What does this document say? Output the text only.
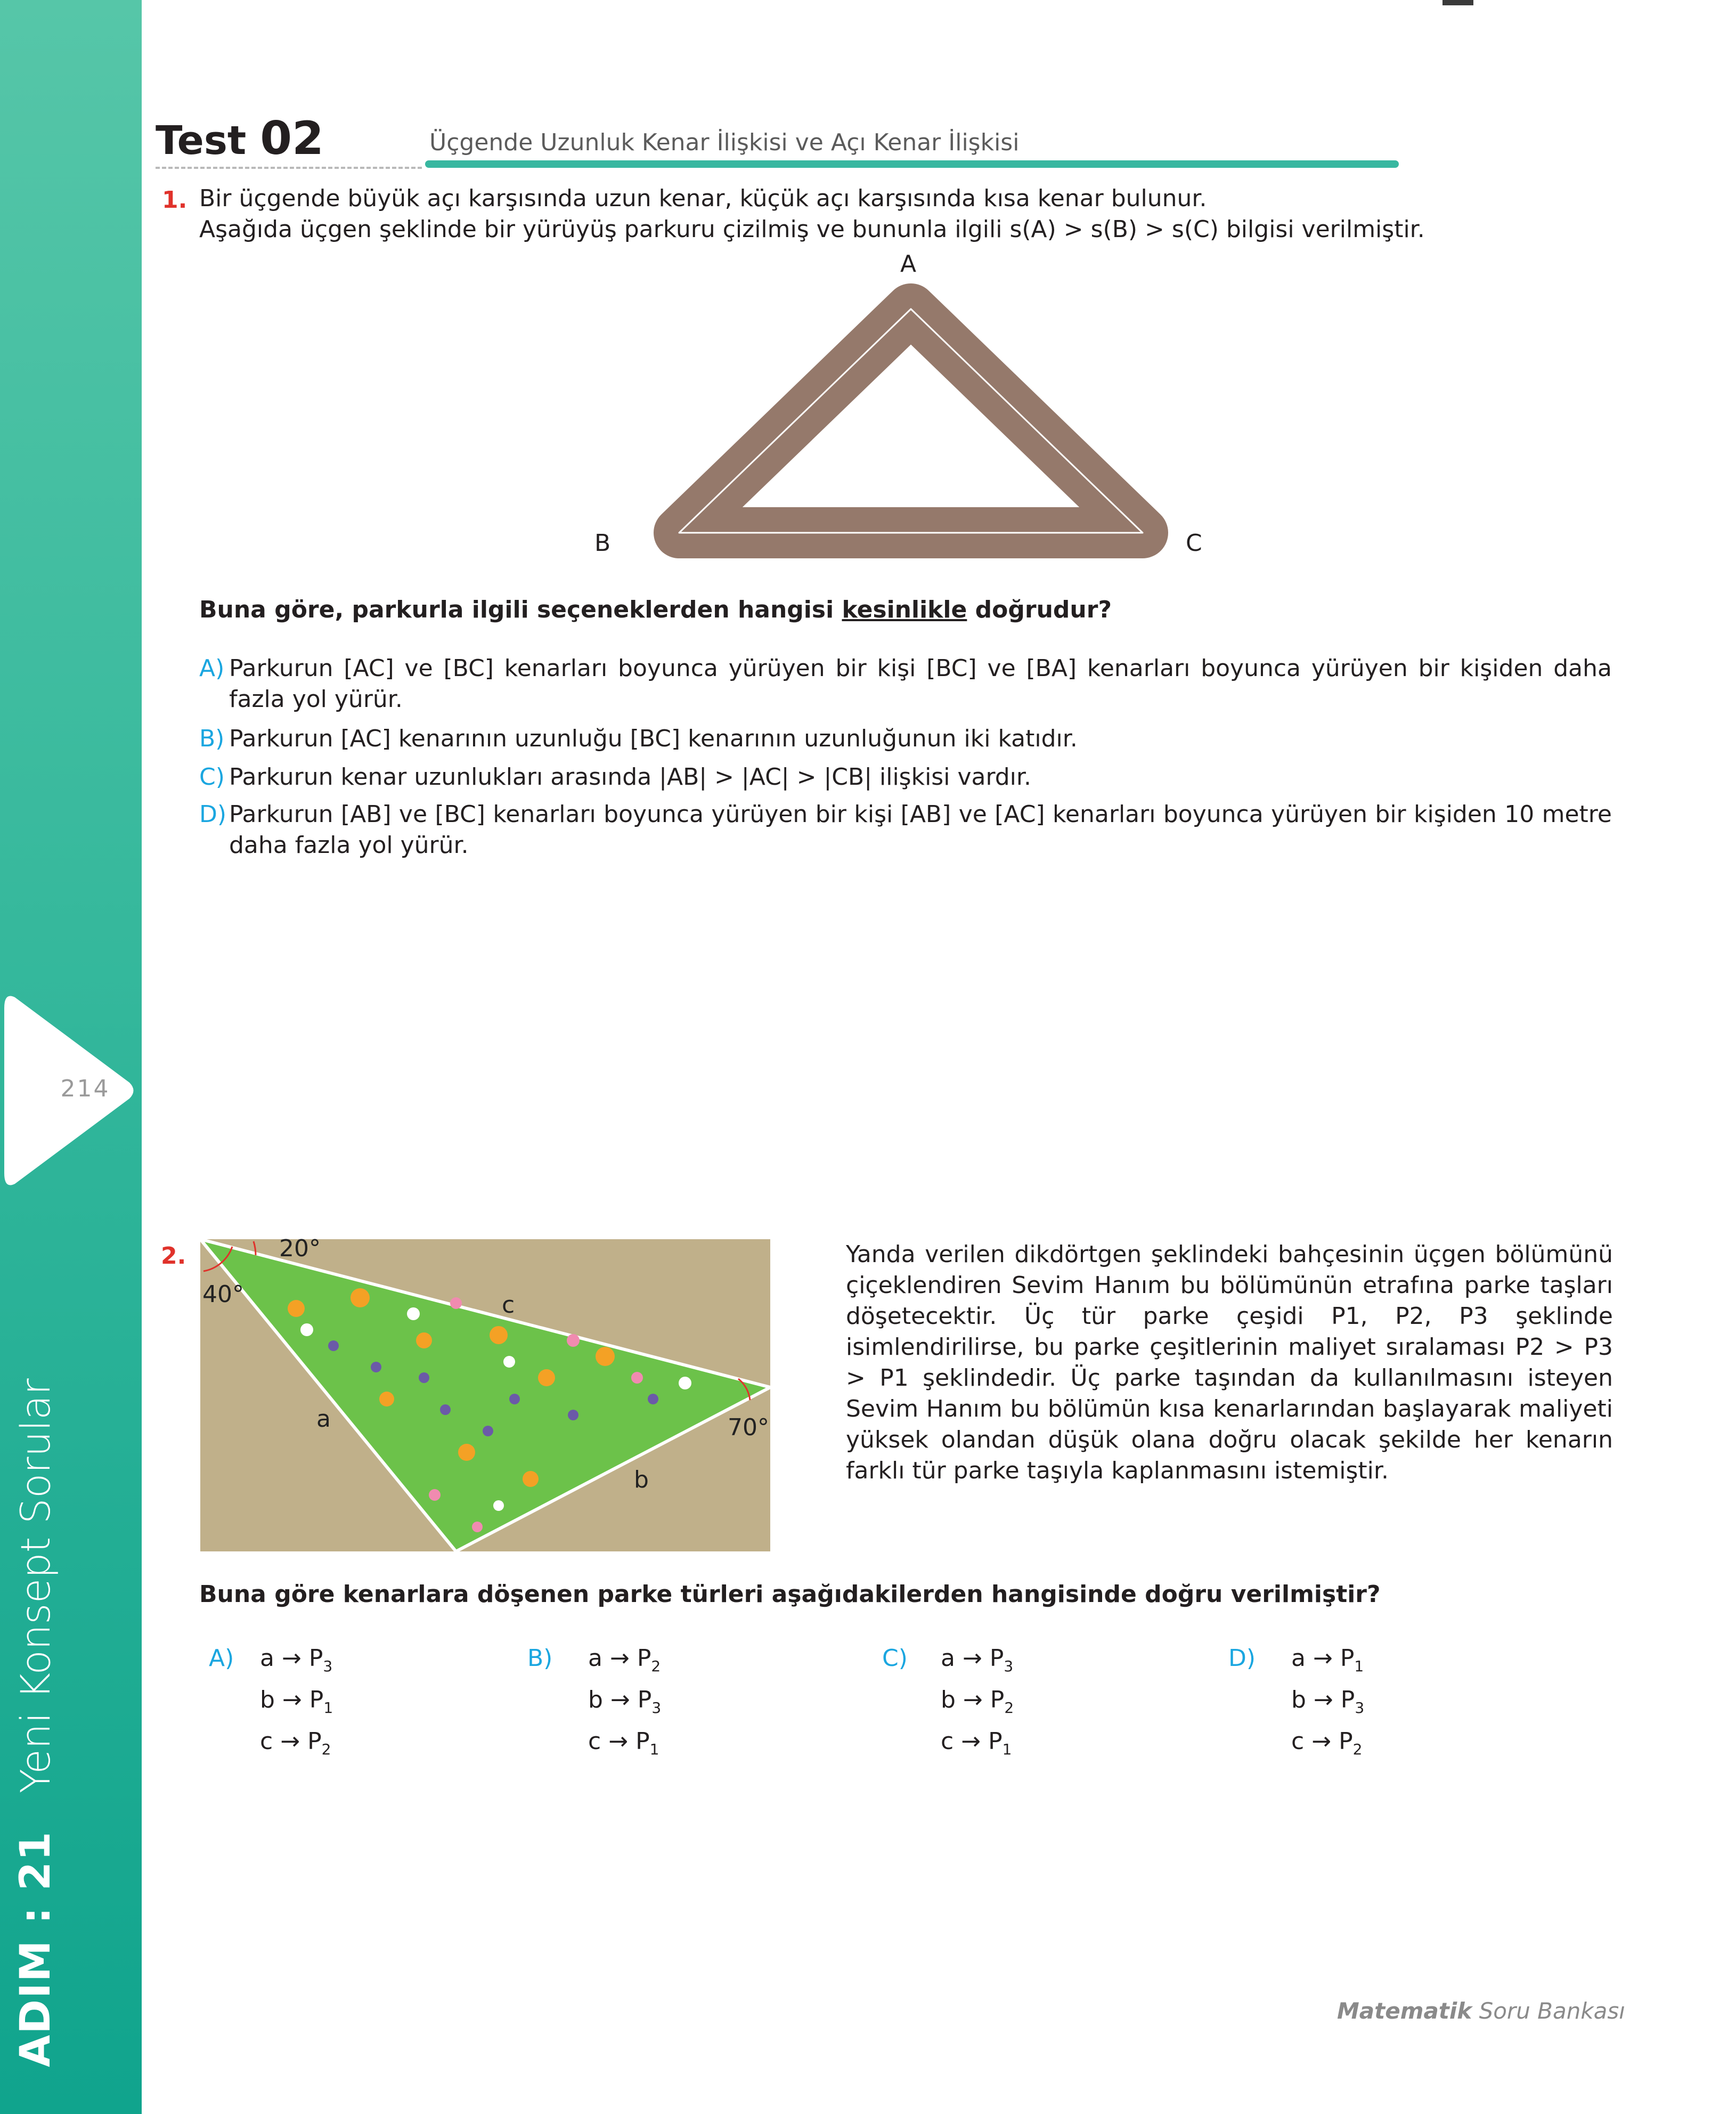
214
ADIM : 21Yeni Konsept Sorular
Test 02	Üçgende Uzunluk Kenar İlişkisi ve Açı Kenar İlişkisi
1. Bir üçgende büyük açı karşısında uzun kenar, küçük açı karşısında kısa kenar bulunur.
Aşağıda üçgen şeklinde bir yürüyüş parkuru çizilmiş ve bununla ilgili s(A) > s(B) > s(C) bilgisi verilmiştir.
A
B	C
Buna göre, parkurla ilgili seçeneklerden hangisi kesinlikle doğrudur?
A) Parkurun [AC] ve [BC] kenarları boyunca yürüyen bir kişi [BC] ve [BA] kenarları boyunca yürüyen bir kişiden daha fazla yol yürür.
B) Parkurun [AC] kenarının uzunluğu [BC] kenarının uzunluğunun iki katıdır.
C) Parkurun kenar uzunlukları arasında |AB| > |AC| > |CB| ilişkisi vardır.
D) Parkurun [AB] ve [BC] kenarları boyunca yürüyen bir kişi [AB] ve [AC] kenarları boyunca yürüyen bir kişiden 10 metre daha fazla yol yürür.
2.	20°
40°
70°
a
b
c
Yanda verilen dikdörtgen şeklindeki bahçesinin üçgen bölümünü çiçeklendiren Sevim Hanım bu bölümünün etrafına parke taşları döşetecektir. Üç tür parke çeşidi P1, P2, P3 şeklinde isimlendirilirse, bu parke çeşitlerinin maliyet sıralaması P2 > P3 > P1 şeklindedir. Üç parke taşından da kullanılmasını isteyen Sevim Hanım bu bölümün kısa kenarlarından başlayarak maliyeti yüksek olandan düşük olana doğru olacak şekilde her kenarın farklı tür parke taşıyla kaplanmasını istemiştir.
Buna göre kenarlara döşenen parke türleri aşağıdakilerden hangisinde doğru verilmiştir?
A) $a \to P_3$
$b \to P_1$
$c \to P_2$
B) $a \to P_2$
$b \to P_3$
$c \to P_1$
C) $a \to P_3$
$b \to P_2$
$c \to P_1$
D) $a \to P_1$
$b \to P_3$
$c \to P_2$
Matematik Soru Bankası
